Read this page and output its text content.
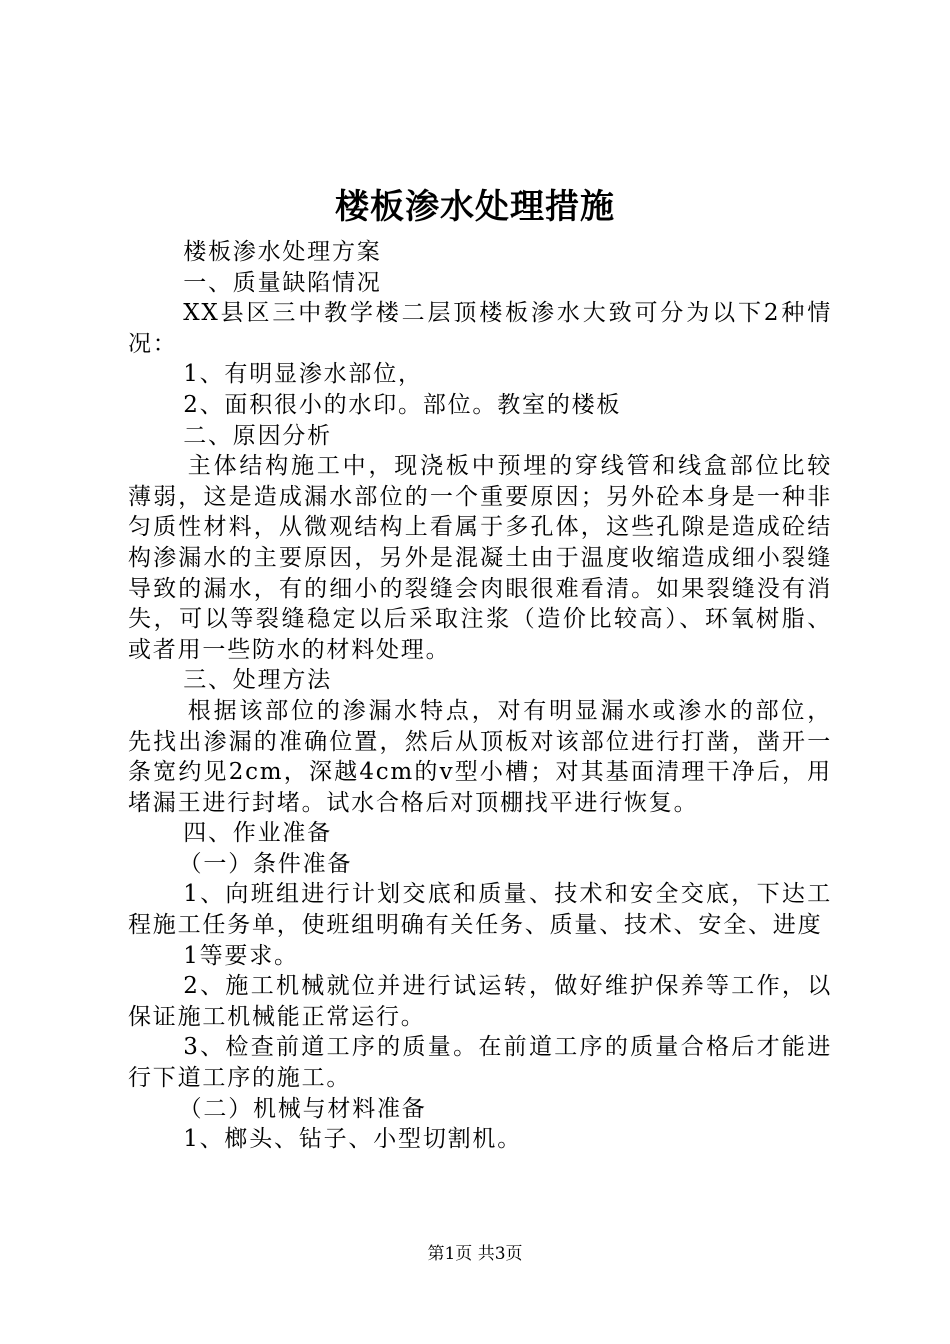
楼板渗水处理措施

楼板渗水处理方案

一、质量缺陷情况

XX县区三中教学楼二层顶楼板渗水大致可分为以下2种情况：

1、有明显渗水部位，

2、面积很小的水印。部位。教室的楼板

二、原因分析

主体结构施工中，现浇板中预埋的穿线管和线盒部位比较薄弱，这是造成漏水部位的一个重要原因；另外砼本身是一种非匀质性材料，从微观结构上看属于多孔体，这些孔隙是造成砼结构渗漏水的主要原因，另外是混凝土由于温度收缩造成细小裂缝导致的漏水，有的细小的裂缝会肉眼很难看清。如果裂缝没有消失，可以等裂缝稳定以后采取注浆（造价比较高）、环氧树脂、或者用一些防水的材料处理。

三、处理方法

根据该部位的渗漏水特点，对有明显漏水或渗水的部位，先找出渗漏的准确位置，然后从顶板对该部位进行打凿，凿开一条宽约见2cm，深越4cm的v型小槽；对其基面清理干净后，用堵漏王进行封堵。试水合格后对顶棚找平进行恢复。

四、作业准备

（一）条件准备

1、向班组进行计划交底和质量、技术和安全交底，下达工程施工任务单，使班组明确有关任务、质量、技术、安全、进度

1等要求。

2、施工机械就位并进行试运转，做好维护保养等工作，以保证施工机械能正常运行。

3、检查前道工序的质量。在前道工序的质量合格后才能进行下道工序的施工。

（二）机械与材料准备

1、榔头、钻子、小型切割机。

第1页 共3页
